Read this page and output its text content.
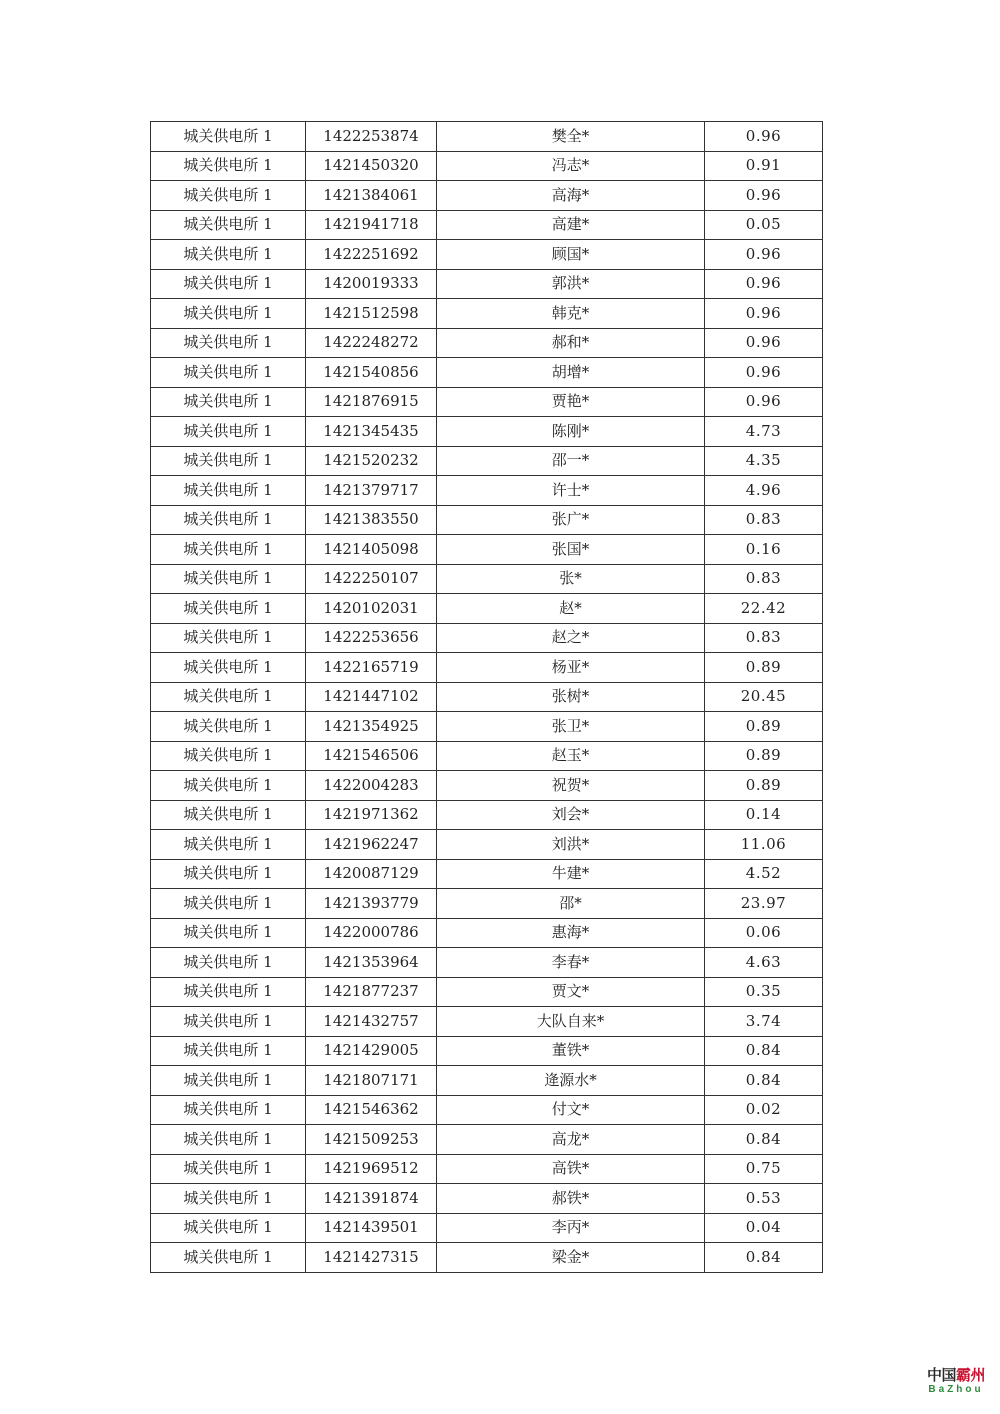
城关供电所 1	1422253874	樊全*	0.96
城关供电所 1	1421450320	冯志*	0.91
城关供电所 1	1421384061	高海*	0.96
城关供电所 1	1421941718	高建*	0.05
城关供电所 1	1422251692	顾国*	0.96
城关供电所 1	1420019333	郭洪*	0.96
城关供电所 1	1421512598	韩克*	0.96
城关供电所 1	1422248272	郝和*	0.96
城关供电所 1	1421540856	胡增*	0.96
城关供电所 1	1421876915	贾艳*	0.96
城关供电所 1	1421345435	陈刚*	4.73
城关供电所 1	1421520232	邵一*	4.35
城关供电所 1	1421379717	许士*	4.96
城关供电所 1	1421383550	张广*	0.83
城关供电所 1	1421405098	张国*	0.16
城关供电所 1	1422250107	张*	0.83
城关供电所 1	1420102031	赵*	22.42
城关供电所 1	1422253656	赵之*	0.83
城关供电所 1	1422165719	杨亚*	0.89
城关供电所 1	1421447102	张树*	20.45
城关供电所 1	1421354925	张卫*	0.89
城关供电所 1	1421546506	赵玉*	0.89
城关供电所 1	1422004283	祝贺*	0.89
城关供电所 1	1421971362	刘会*	0.14
城关供电所 1	1421962247	刘洪*	11.06
城关供电所 1	1420087129	牛建*	4.52
城关供电所 1	1421393779	邵*	23.97
城关供电所 1	1422000786	惠海*	0.06
城关供电所 1	1421353964	李春*	4.63
城关供电所 1	1421877237	贾文*	0.35
城关供电所 1	1421432757	大队自来*	3.74
城关供电所 1	1421429005	董铁*	0.84
城关供电所 1	1421807171	逄源水*	0.84
城关供电所 1	1421546362	付文*	0.02
城关供电所 1	1421509253	高龙*	0.84
城关供电所 1	1421969512	高铁*	0.75
城关供电所 1	1421391874	郝铁*	0.53
城关供电所 1	1421439501	李丙*	0.04
城关供电所 1	1421427315	梁金*	0.84
中国霸州
BaZhou
